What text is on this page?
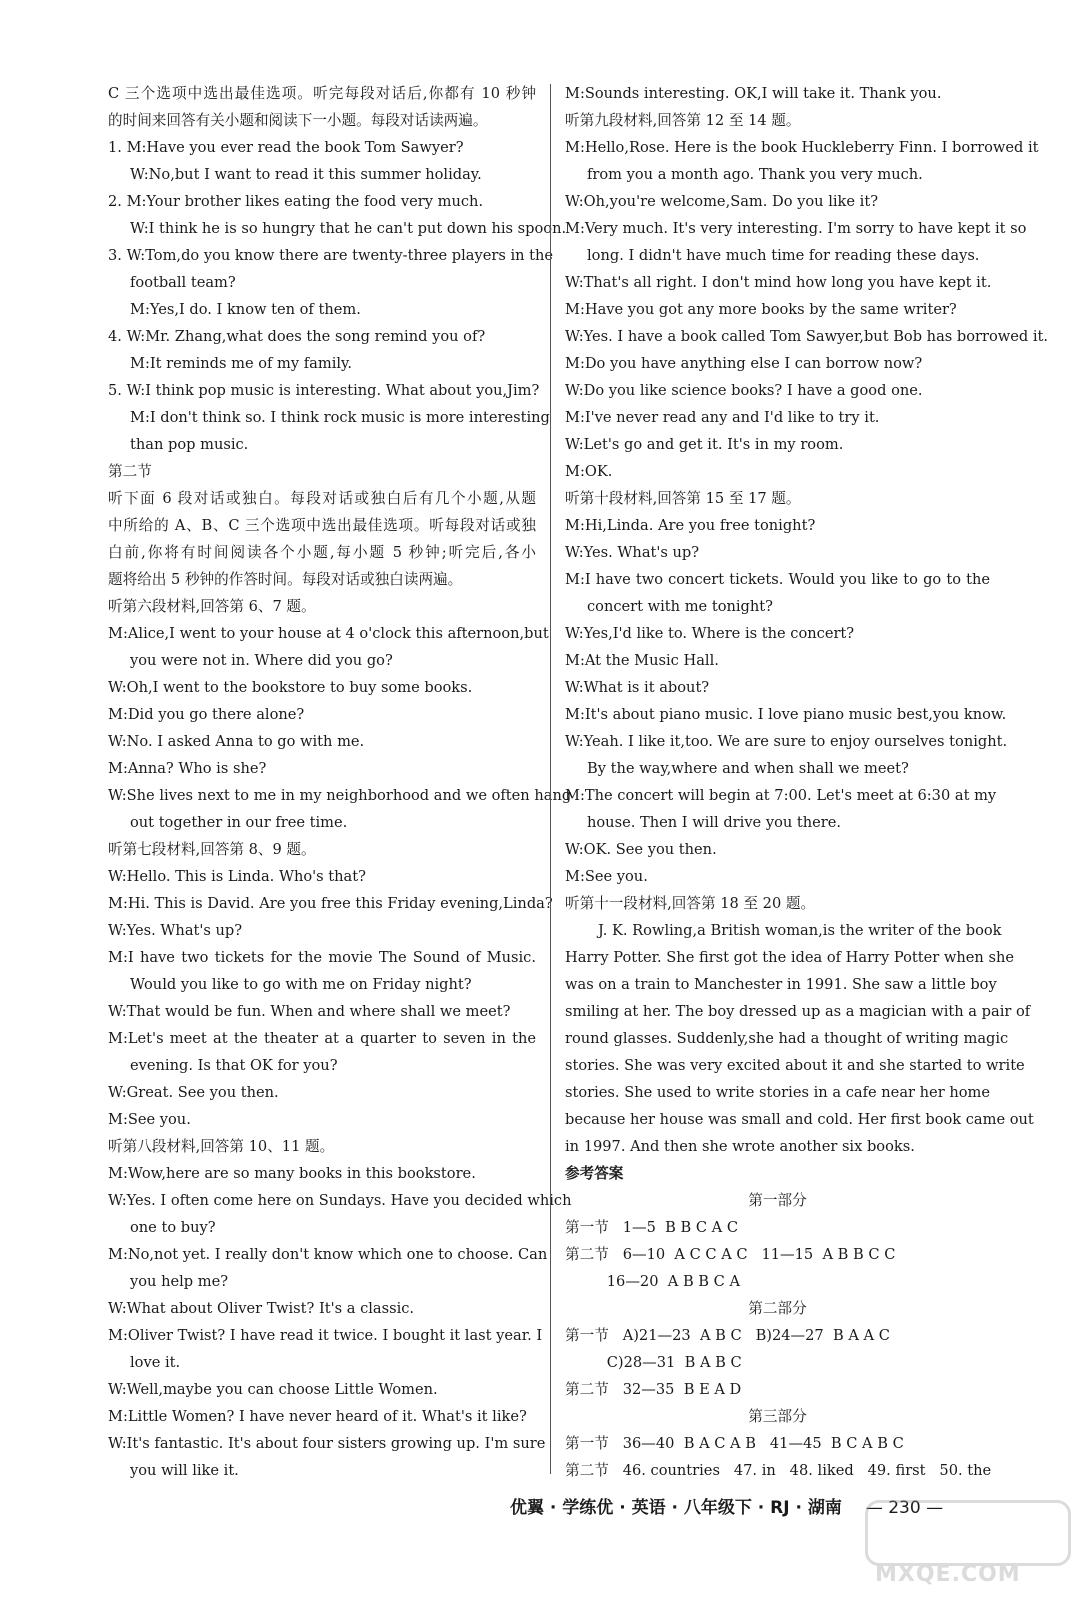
C 三个选项中选出最佳选项。听完每段对话后,你都有 10 秒钟
的时间来回答有关小题和阅读下一小题。每段对话读两遍。
1. M:Have you ever read the book Tom Sawyer?
W:No,but I want to read it this summer holiday.
2. M:Your brother likes eating the food very much.
W:I think he is so hungry that he can't put down his spoon.
3. W:Tom,do you know there are twenty-three players in the
football team?
M:Yes,I do. I know ten of them.
4. W:Mr. Zhang,what does the song remind you of?
M:It reminds me of my family.
5. W:I think pop music is interesting. What about you,Jim?
M:I don't think so. I think rock music is more interesting
than pop music.
第二节
听下面 6 段对话或独白。每段对话或独白后有几个小题,从题
中所给的 A、B、C 三个选项中选出最佳选项。听每段对话或独
白前,你将有时间阅读各个小题,每小题 5 秒钟;听完后,各小
题将给出 5 秒钟的作答时间。每段对话或独白读两遍。
听第六段材料,回答第 6、7 题。
M:Alice,I went to your house at 4 o'clock this afternoon,but
you were not in. Where did you go?
W:Oh,I went to the bookstore to buy some books.
M:Did you go there alone?
W:No. I asked Anna to go with me.
M:Anna? Who is she?
W:She lives next to me in my neighborhood and we often hang
out together in our free time.
听第七段材料,回答第 8、9 题。
W:Hello. This is Linda. Who's that?
M:Hi. This is David. Are you free this Friday evening,Linda?
W:Yes. What's up?
M:I have two tickets for the movie The Sound of Music.
Would you like to go with me on Friday night?
W:That would be fun. When and where shall we meet?
M:Let's meet at the theater at a quarter to seven in the
evening. Is that OK for you?
W:Great. See you then.
M:See you.
听第八段材料,回答第 10、11 题。
M:Wow,here are so many books in this bookstore.
W:Yes. I often come here on Sundays. Have you decided which
one to buy?
M:No,not yet. I really don't know which one to choose. Can
you help me?
W:What about Oliver Twist? It's a classic.
M:Oliver Twist? I have read it twice. I bought it last year. I
love it.
W:Well,maybe you can choose Little Women.
M:Little Women? I have never heard of it. What's it like?
W:It's fantastic. It's about four sisters growing up. I'm sure
you will like it.
M:Sounds interesting. OK,I will take it. Thank you.
听第九段材料,回答第 12 至 14 题。
M:Hello,Rose. Here is the book Huckleberry Finn. I borrowed it
from you a month ago. Thank you very much.
W:Oh,you're welcome,Sam. Do you like it?
M:Very much. It's very interesting. I'm sorry to have kept it so
long. I didn't have much time for reading these days.
W:That's all right. I don't mind how long you have kept it.
M:Have you got any more books by the same writer?
W:Yes. I have a book called Tom Sawyer,but Bob has borrowed it.
M:Do you have anything else I can borrow now?
W:Do you like science books? I have a good one.
M:I've never read any and I'd like to try it.
W:Let's go and get it. It's in my room.
M:OK.
听第十段材料,回答第 15 至 17 题。
M:Hi,Linda. Are you free tonight?
W:Yes. What's up?
M:I have two concert tickets. Would you like to go to the
concert with me tonight?
W:Yes,I'd like to. Where is the concert?
M:At the Music Hall.
W:What is it about?
M:It's about piano music. I love piano music best,you know.
W:Yeah. I like it,too. We are sure to enjoy ourselves tonight.
By the way,where and when shall we meet?
M:The concert will begin at 7:00. Let's meet at 6:30 at my
house. Then I will drive you there.
W:OK. See you then.
M:See you.
听第十一段材料,回答第 18 至 20 题。
J. K. Rowling,a British woman,is the writer of the book
Harry Potter. She first got the idea of Harry Potter when she
was on a train to Manchester in 1991. She saw a little boy
smiling at her. The boy dressed up as a magician with a pair of
round glasses. Suddenly,she had a thought of writing magic
stories. She was very excited about it and she started to write
stories. She used to write stories in a cafe near her home
because her house was small and cold. Her first book came out
in 1997. And then she wrote another six books.
参考答案
第一部分
第一节   1—5  B B C A C
第二节   6—10  A C C A C   11—15  A B B C C
16—20  A B B C A
第二部分
第一节   A)21—23  A B C   B)24—27  B A A C
C)28—31  B A B C
第二节   32—35  B E A D
第三部分
第一节   36—40  B A C A B   41—45  B C A B C
第二节   46. countries   47. in   48. liked   49. first   50. the
优翼 · 学练优 · 英语 · 八年级下 · RJ · 湖南 — 230 —
MXQE.COM
